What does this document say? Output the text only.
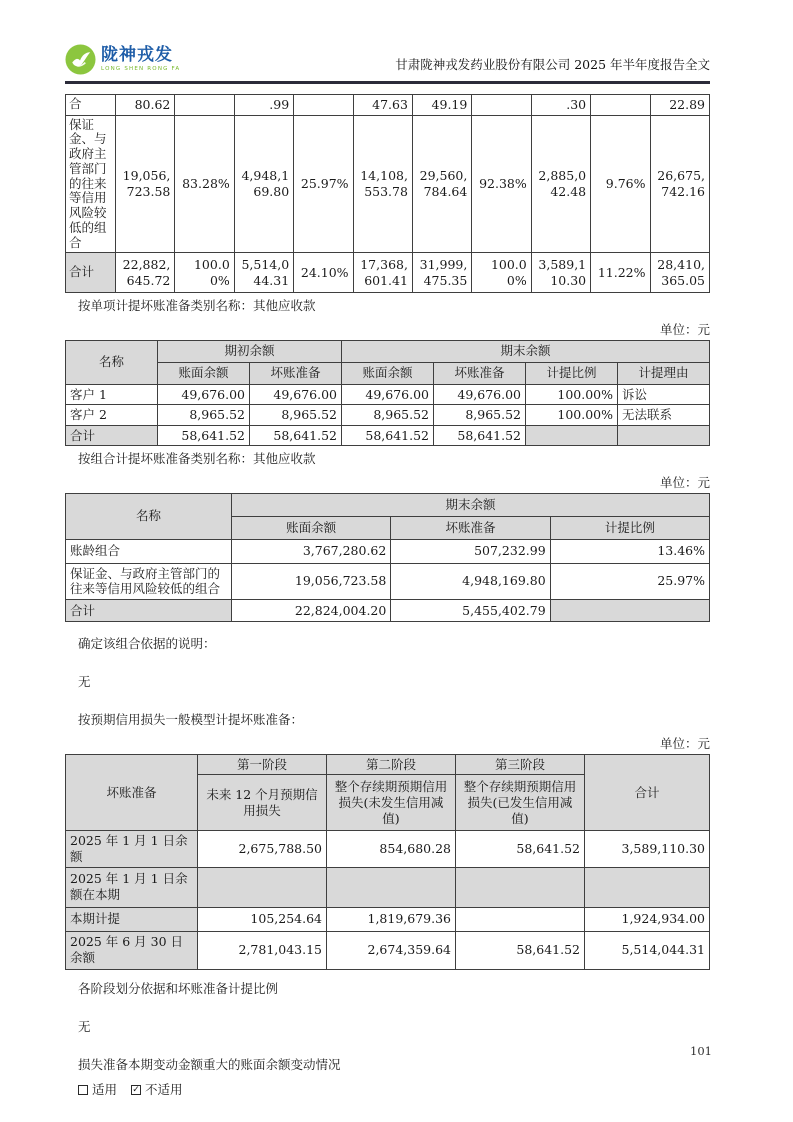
陇神戎发
LONG SHEN RONG FA	甘肃陇神戎发药业股份有限公司 2025 年半年度报告全文
合	80.62		.99		47.63	49.19		.30		22.89
保证金、与政府主管部门的往来等信用风险较低的组合	19,056,723.58	83.28%	4,948,169.80	25.97%	14,108,553.78	29,560,784.64	92.38%	2,885,042.48	9.76%	26,675,742.16
合计	22,882,645.72	100.00%	5,514,044.31	24.10%	17,368,601.41	31,999,475.35	100.00%	3,589,110.30	11.22%	28,410,365.05

按单项计提坏账准备类别名称：其他应收款

单位：元

名称	期初余额		期末余额			
	账面余额	坏账准备	账面余额	坏账准备	计提比例	计提理由
客户 1	49,676.00	49,676.00	49,676.00	49,676.00	100.00%	诉讼
客户 2	8,965.52	8,965.52	8,965.52	8,965.52	100.00%	无法联系
合计	58,641.52	58,641.52	58,641.52	58,641.52		

按组合计提坏账准备类别名称：其他应收款

单位：元

名称	期末余额		
	账面余额	坏账准备	计提比例
账龄组合	3,767,280.62	507,232.99	13.46%
保证金、与政府主管部门的往来等信用风险较低的组合	19,056,723.58	4,948,169.80	25.97%
合计	22,824,004.20	5,455,402.79	

确定该组合依据的说明：

无

按预期信用损失一般模型计提坏账准备：

单位：元

坏账准备	第一阶段	第二阶段	第三阶段	合计
	未来 12 个月预期信用损失	整个存续期预期信用损失(未发生信用减值)	整个存续期预期信用损失(已发生信用减值)	
2025 年 1 月 1 日余额	2,675,788.50	854,680.28	58,641.52	3,589,110.30
2025 年 1 月 1 日余额在本期				
本期计提	105,254.64	1,819,679.36		1,924,934.00
2025 年 6 月 30 日余额	2,781,043.15	2,674,359.64	58,641.52	5,514,044.31

各阶段划分依据和坏账准备计提比例

无

损失准备本期变动金额重大的账面余额变动情况

适用 ✓ 不适用
101
